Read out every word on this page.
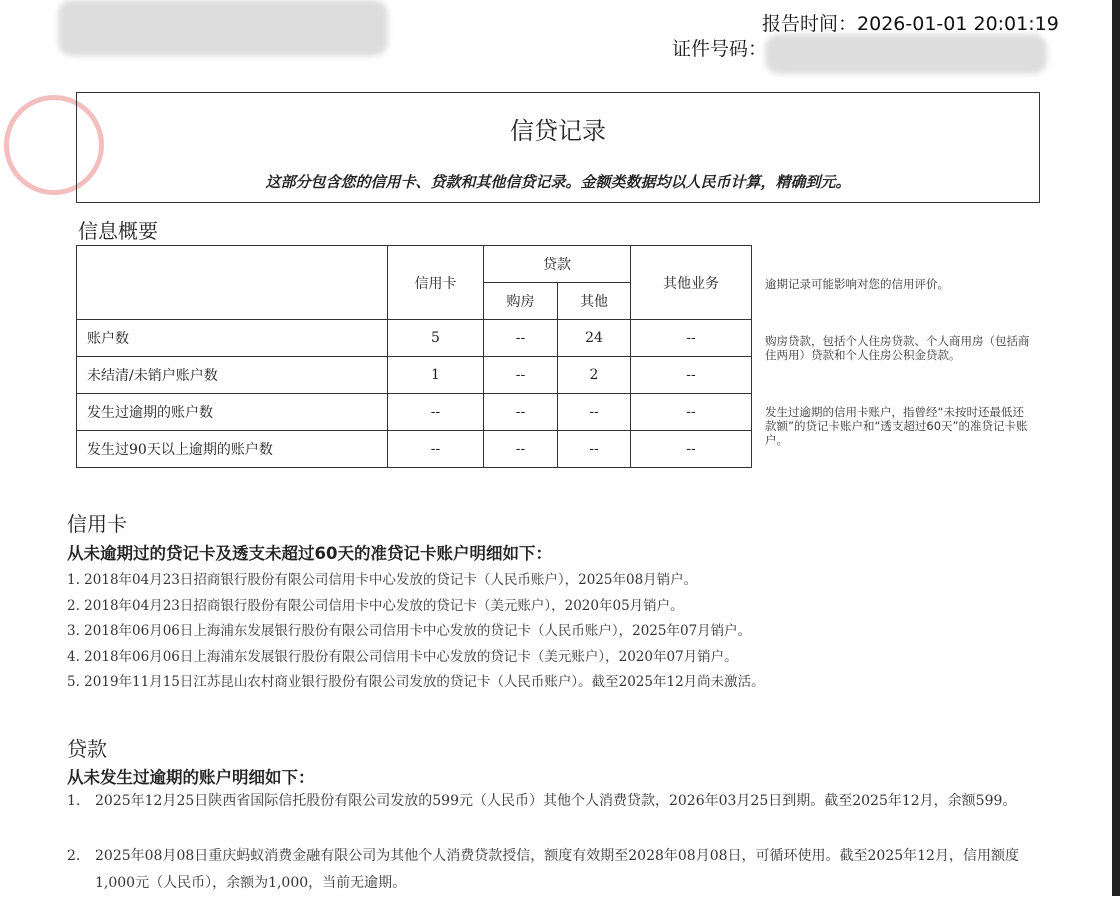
报告时间：2026-01-01 20:01:19
证件号码：
信贷记录
这部分包含您的信用卡、贷款和其他信贷记录。金额类数据均以人民币计算，精确到元。
信息概要
	信用卡	贷款		其他业务
		购房	其他	
账户数	5	--	24	--
未结清/未销户账户数	1	--	2	--
发生过逾期的账户数	--	--	--	--
发生过90天以上逾期的账户数	--	--	--	--
逾期记录可能影响对您的信用评价。
购房贷款，包括个人住房贷款、个人商用房（包括商住两用）贷款和个人住房公积金贷款。
发生过逾期的信用卡账户，指曾经“未按时还最低还款额”的贷记卡账户和“透支超过60天”的准贷记卡账户。
信用卡
从未逾期过的贷记卡及透支未超过60天的准贷记卡账户明细如下：
1. 2018年04月23日招商银行股份有限公司信用卡中心发放的贷记卡（人民币账户），2025年08月销户。
2. 2018年04月23日招商银行股份有限公司信用卡中心发放的贷记卡（美元账户），2020年05月销户。
3. 2018年06月06日上海浦东发展银行股份有限公司信用卡中心发放的贷记卡（人民币账户），2025年07月销户。
4. 2018年06月06日上海浦东发展银行股份有限公司信用卡中心发放的贷记卡（美元账户），2020年07月销户。
5. 2019年11月15日江苏昆山农村商业银行股份有限公司发放的贷记卡（人民币账户）。截至2025年12月尚未激活。
贷款
从未发生过逾期的账户明细如下：
1.	2025年12月25日陕西省国际信托股份有限公司发放的599元（人民币）其他个人消费贷款，2026年03月25日到期。截至2025年12月，余额599。
2.	2025年08月08日重庆蚂蚁消费金融有限公司为其他个人消费贷款授信，额度有效期至2028年08月08日，可循环使用。截至2025年12月，信用额度1,000元（人民币），余额为1,000，当前无逾期。
